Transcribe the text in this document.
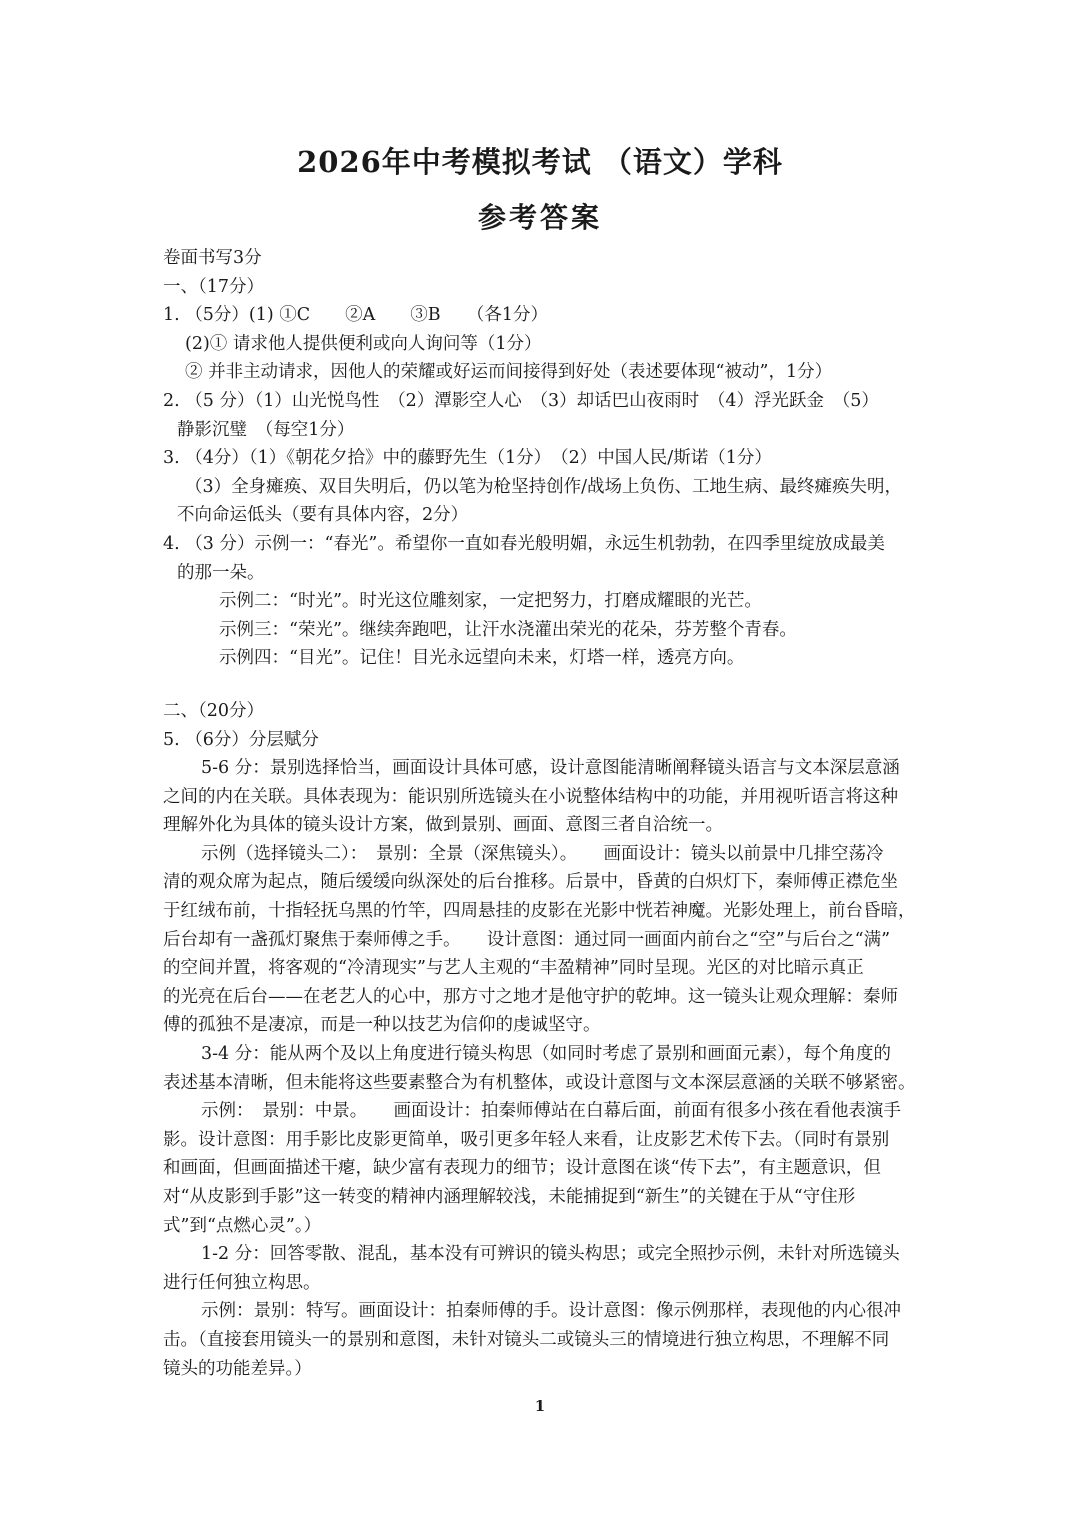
2026年中考模拟考试 （语文）学科
参考答案
卷面书写3分
一、（17分）
1. （5分）(1) ①C　　②A　　③B　　（各1分）
(2)① 请求他人提供便利或向人询问等（1分）
② 并非主动请求，因他人的荣耀或好运而间接得到好处（表述要体现“被动”，1分）
2. （5 分）（1）山光悦鸟性　（2）潭影空人心　（3）却话巴山夜雨时　（4）浮光跃金　（5）
静影沉璧　（每空1分）
3. （4分）（1）《朝花夕拾》中的藤野先生（1分）　（2）中国人民/斯诺（1分）
（3）全身瘫痪、双目失明后，仍以笔为枪坚持创作/战场上负伤、工地生病、最终瘫痪失明，
不向命运低头（要有具体内容，2分）
4. （3 分）示例一：“春光”。希望你一直如春光般明媚，永远生机勃勃，在四季里绽放成最美
的那一朵。
示例二：“时光”。时光这位雕刻家，一定把努力，打磨成耀眼的光芒。
示例三：“荣光”。继续奔跑吧，让汗水浇灌出荣光的花朵，芬芳整个青春。
示例四：“目光”。记住！目光永远望向未来，灯塔一样，透亮方向。
二、（20分）
5. （6分）分层赋分
5-6 分：景别选择恰当，画面设计具体可感，设计意图能清晰阐释镜头语言与文本深层意涵
之间的内在关联。具体表现为：能识别所选镜头在小说整体结构中的功能，并用视听语言将这种
理解外化为具体的镜头设计方案，做到景别、画面、意图三者自洽统一。
示例（选择镜头二）：　景别：全景（深焦镜头）。　　画面设计：镜头以前景中几排空荡冷
清的观众席为起点，随后缓缓向纵深处的后台推移。后景中，昏黄的白炽灯下，秦师傅正襟危坐
于红绒布前，十指轻抚乌黑的竹竿，四周悬挂的皮影在光影中恍若神魔。光影处理上，前台昏暗，
后台却有一盏孤灯聚焦于秦师傅之手。　　设计意图：通过同一画面内前台之“空”与后台之“满”
的空间并置，将客观的“冷清现实”与艺人主观的“丰盈精神”同时呈现。光区的对比暗示真正
的光亮在后台——在老艺人的心中，那方寸之地才是他守护的乾坤。这一镜头让观众理解：秦师
傅的孤独不是凄凉，而是一种以技艺为信仰的虔诚坚守。
3-4 分：能从两个及以上角度进行镜头构思（如同时考虑了景别和画面元素），每个角度的
表述基本清晰，但未能将这些要素整合为有机整体，或设计意图与文本深层意涵的关联不够紧密。
示例：　景别：中景。　　画面设计：拍秦师傅站在白幕后面，前面有很多小孩在看他表演手
影。设计意图：用手影比皮影更简单，吸引更多年轻人来看，让皮影艺术传下去。（同时有景别
和画面，但画面描述干瘪，缺少富有表现力的细节；设计意图在谈“传下去”，有主题意识，但
对“从皮影到手影”这一转变的精神内涵理解较浅，未能捕捉到“新生”的关键在于从“守住形
式”到“点燃心灵”。）
1-2 分：回答零散、混乱，基本没有可辨识的镜头构思；或完全照抄示例，未针对所选镜头
进行任何独立构思。
示例：景别：特写。画面设计：拍秦师傅的手。设计意图：像示例那样，表现他的内心很冲
击。（直接套用镜头一的景别和意图，未针对镜头二或镜头三的情境进行独立构思，不理解不同
镜头的功能差异。）
1
